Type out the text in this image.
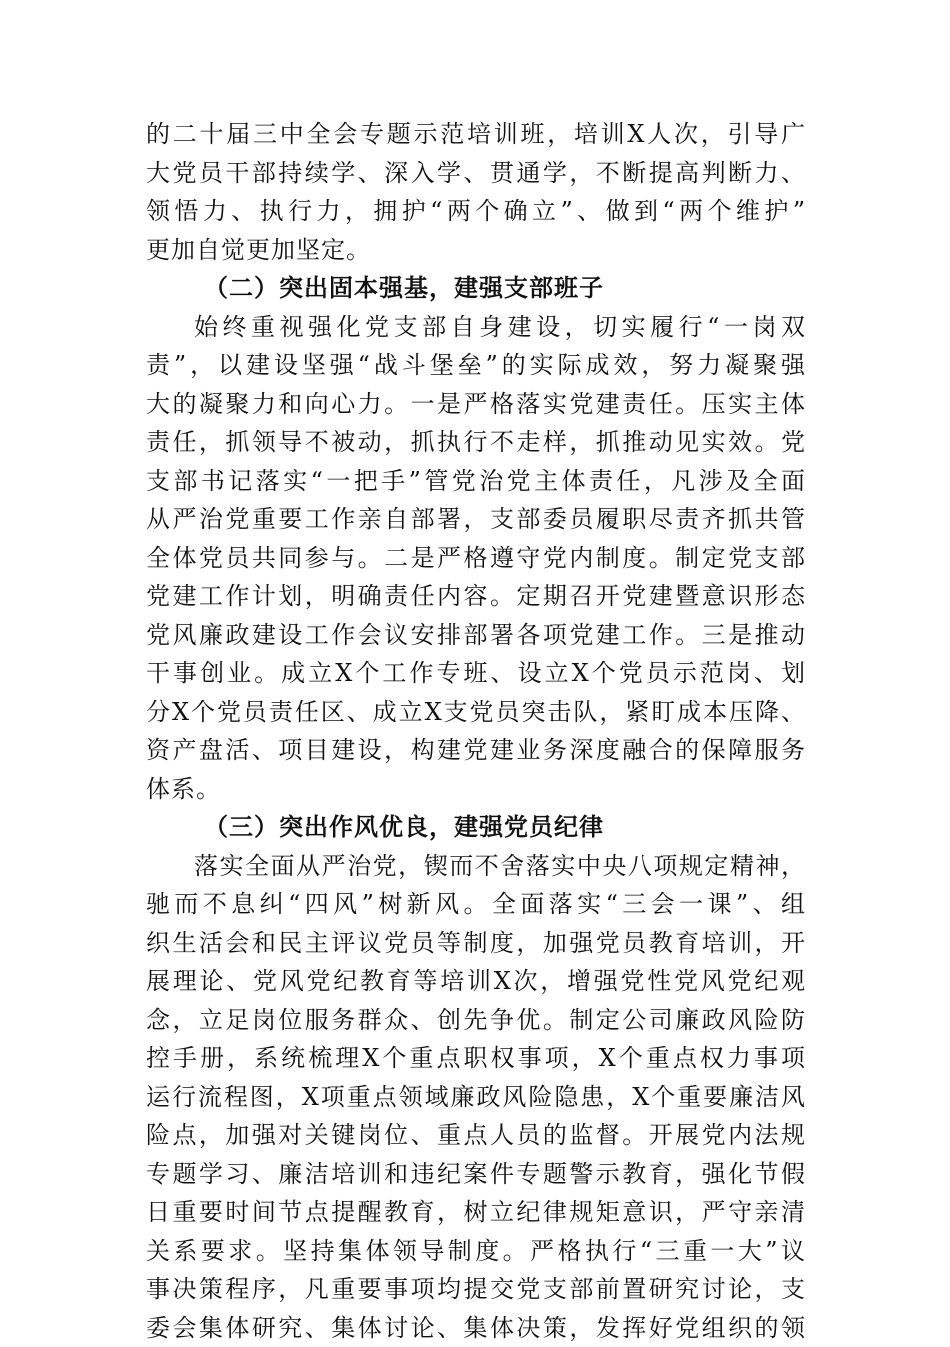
的二十届三中全会专题示范培训班，培训X人次，引导广
大党员干部持续学、深入学、贯通学，不断提高判断力、
领悟力、执行力，拥护“两个确立”、做到“两个维护”
更加自觉更加坚定。
（二）突出固本强基，建强支部班子
始终重视强化党支部自身建设，切实履行“一岗双
责”，以建设坚强“战斗堡垒”的实际成效，努力凝聚强
大的凝聚力和向心力。一是严格落实党建责任。压实主体
责任，抓领导不被动，抓执行不走样，抓推动见实效。党
支部书记落实“一把手”管党治党主体责任，凡涉及全面
从严治党重要工作亲自部署，支部委员履职尽责齐抓共管
全体党员共同参与。二是严格遵守党内制度。制定党支部
党建工作计划，明确责任内容。定期召开党建暨意识形态
党风廉政建设工作会议安排部署各项党建工作。三是推动
干事创业。成立X个工作专班、设立X个党员示范岗、划
分X个党员责任区、成立X支党员突击队，紧盯成本压降、
资产盘活、项目建设，构建党建业务深度融合的保障服务
体系。
（三）突出作风优良，建强党员纪律
落实全面从严治党，锲而不舍落实中央八项规定精神，
驰而不息纠“四风”树新风。全面落实“三会一课”、组
织生活会和民主评议党员等制度，加强党员教育培训，开
展理论、党风党纪教育等培训X次，增强党性党风党纪观
念，立足岗位服务群众、创先争优。制定公司廉政风险防
控手册，系统梳理X个重点职权事项，X个重点权力事项
运行流程图，X项重点领域廉政风险隐患，X个重要廉洁风
险点，加强对关键岗位、重点人员的监督。开展党内法规
专题学习、廉洁培训和违纪案件专题警示教育，强化节假
日重要时间节点提醒教育，树立纪律规矩意识，严守亲清
关系要求。坚持集体领导制度。严格执行“三重一大”议
事决策程序，凡重要事项均提交党支部前置研究讨论，支
委会集体研究、集体讨论、集体决策，发挥好党组织的领
